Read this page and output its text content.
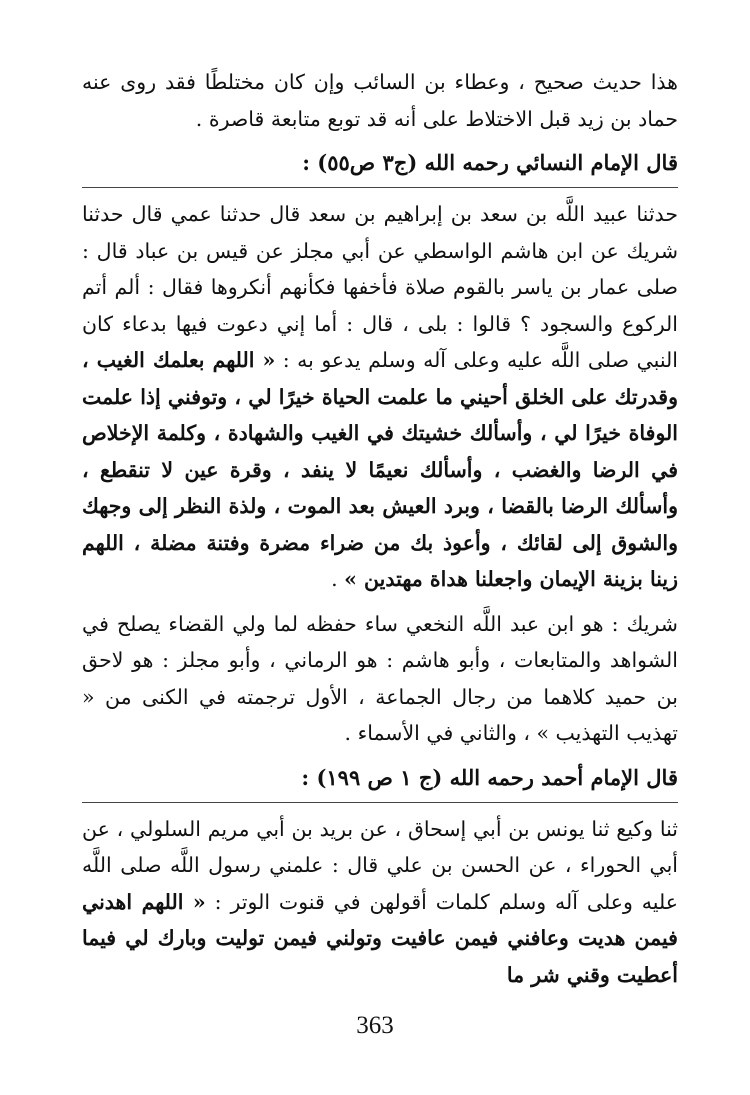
هذا حديث صحيح ، وعطاء بن السائب وإن كان مختلطًا فقد روى عنه حماد بن زيد قبل الاختلاط على أنه قد توبع متابعة قاصرة .

قال الإمام النسائي رحمه الله (ج٣ ص٥٥) :

حدثنا عبيد اللَّه بن سعد بن إبراهيم بن سعد قال حدثنا عمي قال حدثنا شريك عن ابن هاشم الواسطي عن أبي مجلز عن قيس بن عباد قال : صلى عمار بن ياسر بالقوم صلاة فأخفها فكأنهم أنكروها فقال : ألم أتم الركوع والسجود ؟ قالوا : بلى ، قال : أما إني دعوت فيها بدعاء كان النبي صلى اللَّه عليه وعلى آله وسلم يدعو به : « اللهم بعلمك الغيب ، وقدرتك على الخلق أحيني ما علمت الحياة خيرًا لي ، وتوفني إذا علمت الوفاة خيرًا لي ، وأسألك خشيتك في الغيب والشهادة ، وكلمة الإخلاص في الرضا والغضب ، وأسألك نعيمًا لا ينفد ، وقرة عين لا تنقطع ، وأسألك الرضا بالقضا ، وبرد العيش بعد الموت ، ولذة النظر إلى وجهك والشوق إلى لقائك ، وأعوذ بك من ضراء مضرة وفتنة مضلة ، اللهم زينا بزينة الإيمان واجعلنا هداة مهتدين » .

شريك : هو ابن عبد اللَّه النخعي ساء حفظه لما ولي القضاء يصلح في الشواهد والمتابعات ، وأبو هاشم : هو الرماني ، وأبو مجلز : هو لاحق بن حميد كلاهما من رجال الجماعة ، الأول ترجمته في الكنى من « تهذيب التهذيب » ، والثاني في الأسماء .

قال الإمام أحمد رحمه الله (ج ١ ص ١٩٩) :

ثنا وكيع ثنا يونس بن أبي إسحاق ، عن بريد بن أبي مريم السلولي ، عن أبي الحوراء ، عن الحسن بن علي قال : علمني رسول اللَّه صلى اللَّه عليه وعلى آله وسلم كلمات أقولهن في قنوت الوتر : « اللهم اهدني فيمن هديت وعافني فيمن عافيت وتولني فيمن توليت وبارك لي فيما أعطيت وقني شر ما

363
